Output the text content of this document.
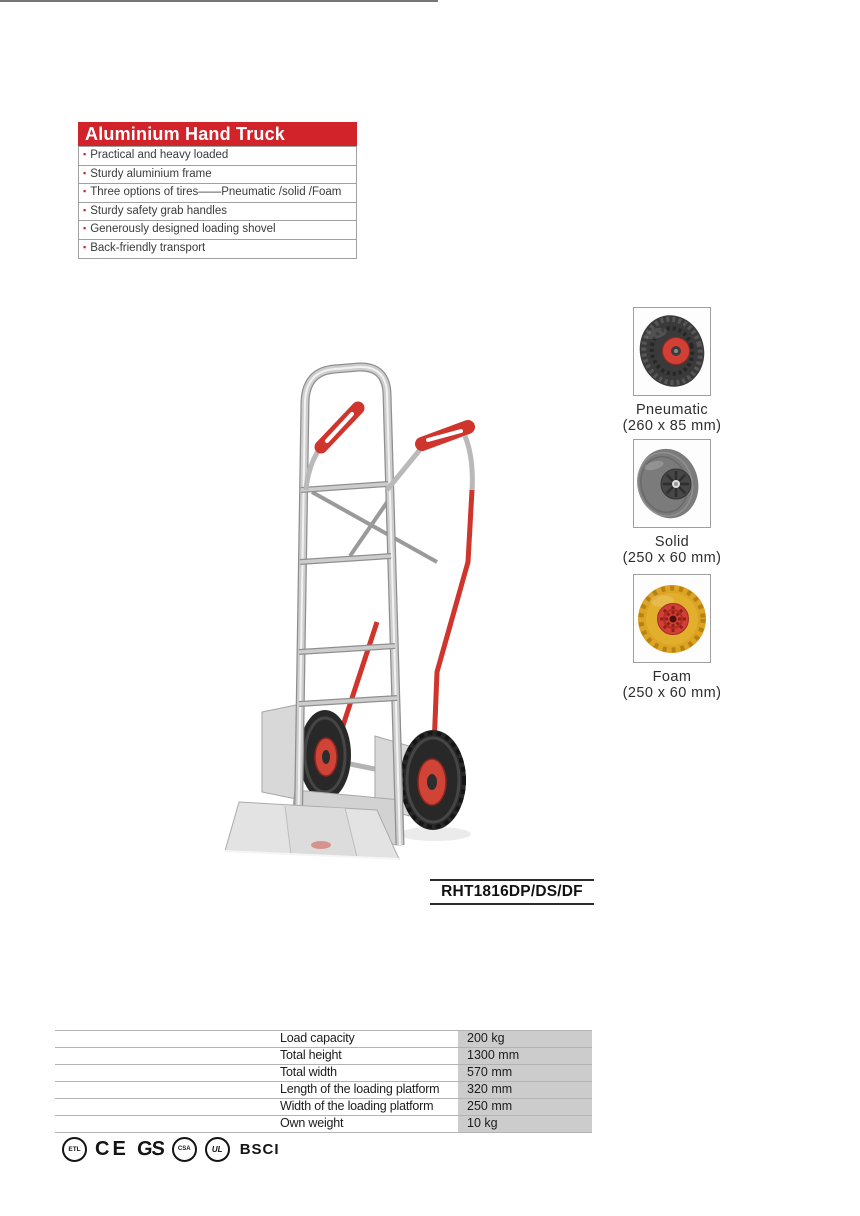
Aluminium Hand Truck
▪ Practical and heavy loaded
▪ Sturdy aluminium frame
▪ Three options of tires——Pneumatic /solid /Foam
▪ Sturdy safety grab handles
▪ Generously designed loading shovel
▪ Back-friendly transport
Pneumatic
(260 x 85 mm)
Solid
(250 x 60 mm)
Foam
(250 x 60 mm)
RHT1816DP/DS/DF
Load capacity	200 kg
Total height	1300 mm
Total width	570 mm
Length of the loading platform	320 mm
Width of the loading platform	250 mm
Own weight	10 kg
ETL CE GS CSA	UL BSCI
